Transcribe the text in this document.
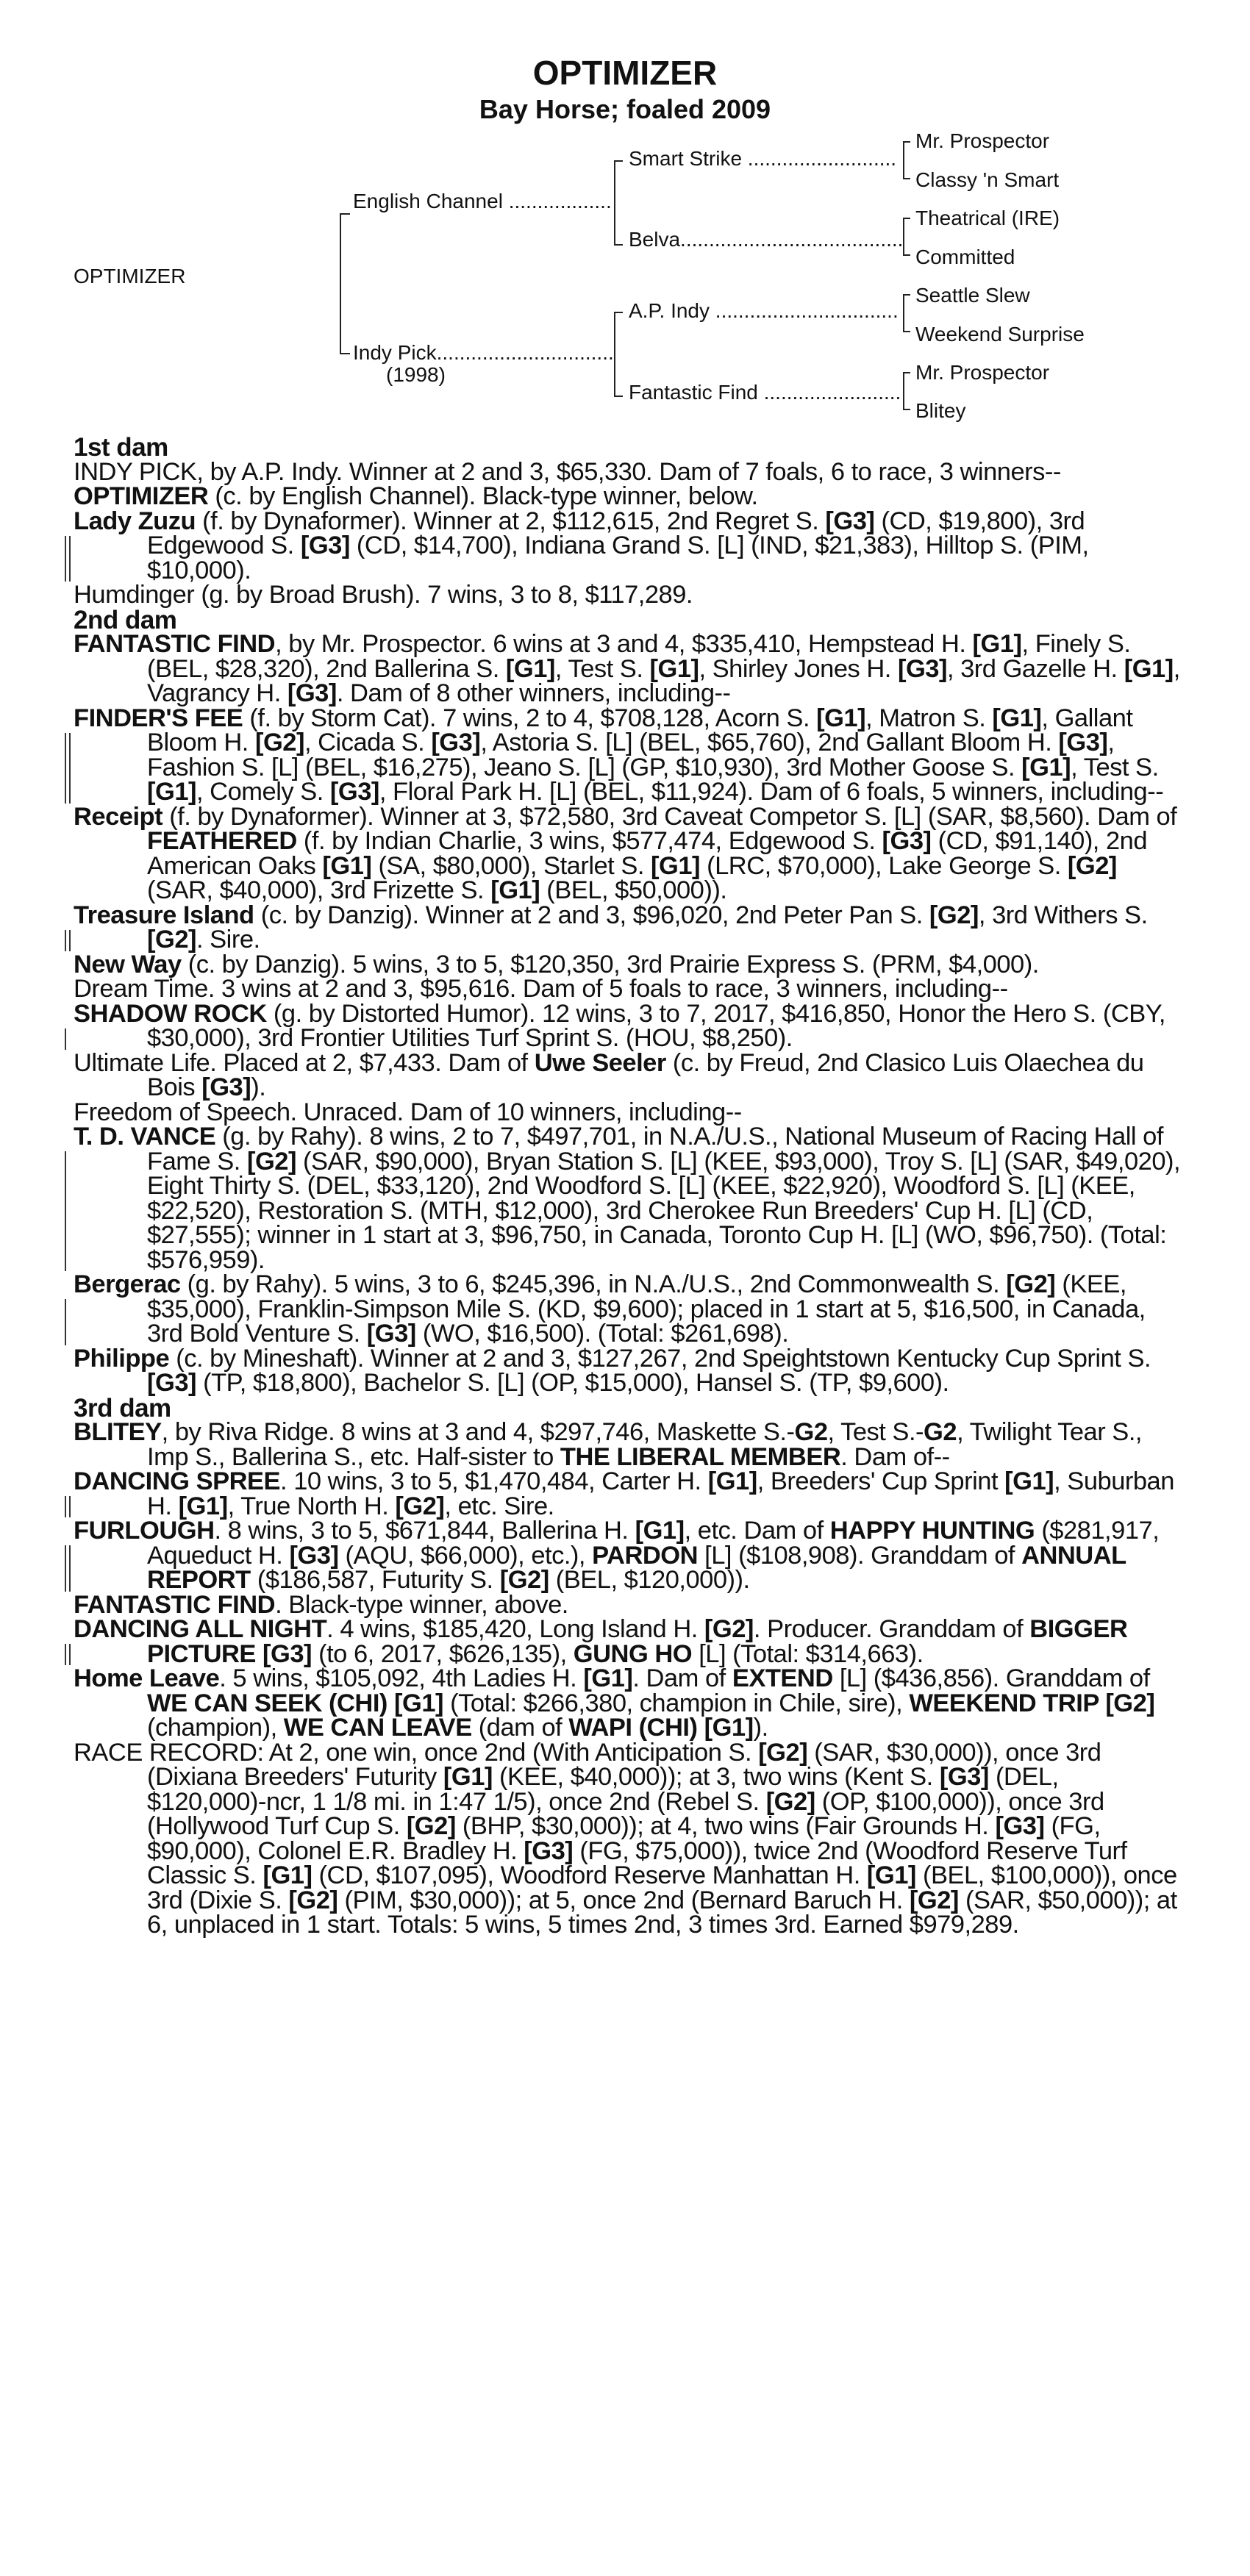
OPTIMIZER
Bay Horse; foaled 2009
OPTIMIZER
English Channel ..................
Indy Pick...............................
(1998)
Smart Strike ..........................
Belva.......................................
A.P. Indy ................................
Fantastic Find ........................
Mr. Prospector
Classy 'n Smart
Theatrical (IRE)
Committed
Seattle Slew
Weekend Surprise
Mr. Prospector
Blitey

1st dam

INDY PICK, by A.P. Indy. Winner at 2 and 3, $65,330. Dam of 7 foals, 6 to race, 3 winners--

OPTIMIZER (c. by English Channel). Black-type winner, below.

Lady Zuzu (f. by Dynaformer). Winner at 2, $112,615, 2nd Regret S. [G3] (CD, $19,800), 3rd Edgewood S. [G3] (CD, $14,700), Indiana Grand S. [L] (IND, $21,383), Hilltop S. (PIM, $10,000).

Humdinger (g. by Broad Brush). 7 wins, 3 to 8, $117,289.

2nd dam

FANTASTIC FIND, by Mr. Prospector. 6 wins at 3 and 4, $335,410, Hempstead H. [G1], Finely S. (BEL, $28,320), 2nd Ballerina S. [G1], Test S. [G1], Shirley Jones H. [G3], 3rd Gazelle H. [G1], Vagrancy H. [G3]. Dam of 8 other winners, including--

FINDER'S FEE (f. by Storm Cat). 7 wins, 2 to 4, $708,128, Acorn S. [G1], Matron S. [G1], Gallant Bloom H. [G2], Cicada S. [G3], Astoria S. [L] (BEL, $65,760), 2nd Gallant Bloom H. [G3], Fashion S. [L] (BEL, $16,275), Jeano S. [L] (GP, $10,930), 3rd Mother Goose S. [G1], Test S. [G1], Comely S. [G3], Floral Park H. [L] (BEL, $11,924). Dam of 6 foals, 5 winners, including--

Receipt (f. by Dynaformer). Winner at 3, $72,580, 3rd Caveat Competor S. [L] (SAR, $8,560). Dam of FEATHERED (f. by Indian Charlie, 3 wins, $577,474, Edgewood S. [G3] (CD, $91,140), 2nd American Oaks [G1] (SA, $80,000), Starlet S. [G1] (LRC, $70,000), Lake George S. [G2] (SAR, $40,000), 3rd Frizette S. [G1] (BEL, $50,000)).

Treasure Island (c. by Danzig). Winner at 2 and 3, $96,020, 2nd Peter Pan S. [G2], 3rd Withers S. [G2]. Sire.

New Way (c. by Danzig). 5 wins, 3 to 5, $120,350, 3rd Prairie Express S. (PRM, $4,000).

Dream Time. 3 wins at 2 and 3, $95,616. Dam of 5 foals to race, 3 winners, including--

SHADOW ROCK (g. by Distorted Humor). 12 wins, 3 to 7, 2017, $416,850, Honor the Hero S. (CBY, $30,000), 3rd Frontier Utilities Turf Sprint S. (HOU, $8,250).

Ultimate Life. Placed at 2, $7,433. Dam of Uwe Seeler (c. by Freud, 2nd Clasico Luis Olaechea du Bois [G3]).

Freedom of Speech. Unraced. Dam of 10 winners, including--

T. D. VANCE (g. by Rahy). 8 wins, 2 to 7, $497,701, in N.A./U.S., National Museum of Racing Hall of Fame S. [G2] (SAR, $90,000), Bryan Station S. [L] (KEE, $93,000), Troy S. [L] (SAR, $49,020), Eight Thirty S. (DEL, $33,120), 2nd Woodford S. [L] (KEE, $22,920), Woodford S. [L] (KEE, $22,520), Restoration S. (MTH, $12,000), 3rd Cherokee Run Breeders' Cup H. [L] (CD, $27,555); winner in 1 start at 3, $96,750, in Canada, Toronto Cup H. [L] (WO, $96,750). (Total: $576,959).

Bergerac (g. by Rahy). 5 wins, 3 to 6, $245,396, in N.A./U.S., 2nd Commonwealth S. [G2] (KEE, $35,000), Franklin-Simpson Mile S. (KD, $9,600); placed in 1 start at 5, $16,500, in Canada, 3rd Bold Venture S. [G3] (WO, $16,500). (Total: $261,698).

Philippe (c. by Mineshaft). Winner at 2 and 3, $127,267, 2nd Speightstown Kentucky Cup Sprint S. [G3] (TP, $18,800), Bachelor S. [L] (OP, $15,000), Hansel S. (TP, $9,600).

3rd dam

BLITEY, by Riva Ridge. 8 wins at 3 and 4, $297,746, Maskette S.-G2, Test S.-G2, Twilight Tear S., Imp S., Ballerina S., etc. Half-sister to THE LIBERAL MEMBER. Dam of--

DANCING SPREE. 10 wins, 3 to 5, $1,470,484, Carter H. [G1], Breeders' Cup Sprint [G1], Suburban H. [G1], True North H. [G2], etc. Sire.

FURLOUGH. 8 wins, 3 to 5, $671,844, Ballerina H. [G1], etc. Dam of HAPPY HUNTING ($281,917, Aqueduct H. [G3] (AQU, $66,000), etc.), PARDON [L] ($108,908). Granddam of ANNUAL REPORT ($186,587, Futurity S. [G2] (BEL, $120,000)).

FANTASTIC FIND. Black-type winner, above.

DANCING ALL NIGHT. 4 wins, $185,420, Long Island H. [G2]. Producer. Granddam of BIGGER PICTURE [G3] (to 6, 2017, $626,135), GUNG HO [L] (Total: $314,663).

Home Leave. 5 wins, $105,092, 4th Ladies H. [G1]. Dam of EXTEND [L] ($436,856). Granddam of WE CAN SEEK (CHI) [G1] (Total: $266,380, champion in Chile, sire), WEEKEND TRIP [G2] (champion), WE CAN LEAVE (dam of WAPI (CHI) [G1]).

RACE RECORD: At 2, one win, once 2nd (With Anticipation S. [G2] (SAR, $30,000)), once 3rd (Dixiana Breeders' Futurity [G1] (KEE, $40,000)); at 3, two wins (Kent S. [G3] (DEL, $120,000)-ncr, 1 1/8 mi. in 1:47 1/5), once 2nd (Rebel S. [G2] (OP, $100,000)), once 3rd (Hollywood Turf Cup S. [G2] (BHP, $30,000)); at 4, two wins (Fair Grounds H. [G3] (FG, $90,000), Colonel E.R. Bradley H. [G3] (FG, $75,000)), twice 2nd (Woodford Reserve Turf Classic S. [G1] (CD, $107,095), Woodford Reserve Manhattan H. [G1] (BEL, $100,000)), once 3rd (Dixie S. [G2] (PIM, $30,000)); at 5, once 2nd (Bernard Baruch H. [G2] (SAR, $50,000)); at 6, unplaced in 1 start. Totals: 5 wins, 5 times 2nd, 3 times 3rd. Earned $979,289.
